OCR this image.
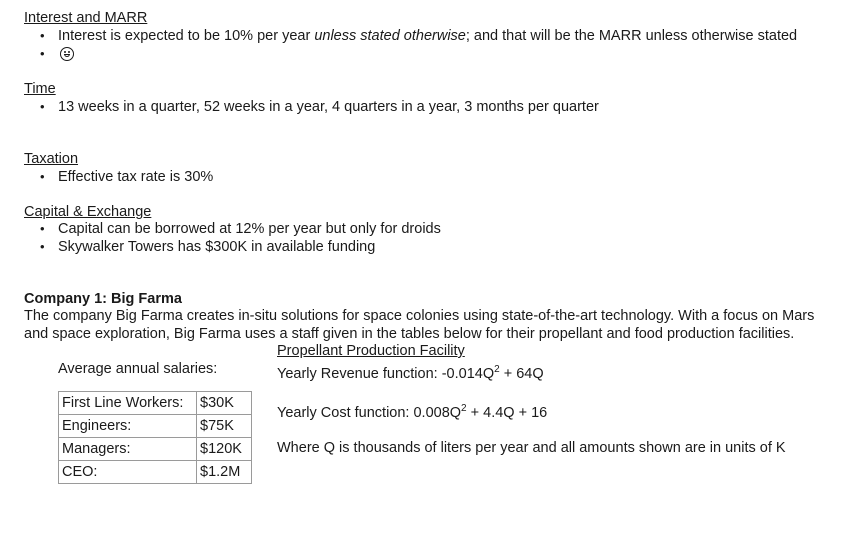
Interest and MARR
• Interest is expected to be 10% per year unless stated otherwise; and that will be the MARR unless otherwise stated
•
Time
• 13 weeks in a quarter, 52 weeks in a year, 4 quarters in a year, 3 months per quarter
Taxation
• Effective tax rate is 30%
Capital & Exchange
• Capital can be borrowed at 12% per year but only for droids
• Skywalker Towers has $300K in available funding
Company 1: Big Farma
The company Big Farma creates in-situ solutions for space colonies using state-of-the-art technology. With a focus on Mars and space exploration, Big Farma uses a staff given in the tables below for their propellant and food production facilities.
Average annual salaries:
First Line Workers:	$30K
Engineers:	$75K
Managers:	$120K
CEO:	$1.2M
Propellant Production Facility
Yearly Revenue function: $-0.014Q^2 + 64Q$
Yearly Cost function: $0.008Q^2 + 4.4Q + 16$
Where Q is thousands of liters per year and all amounts shown are in units of K
